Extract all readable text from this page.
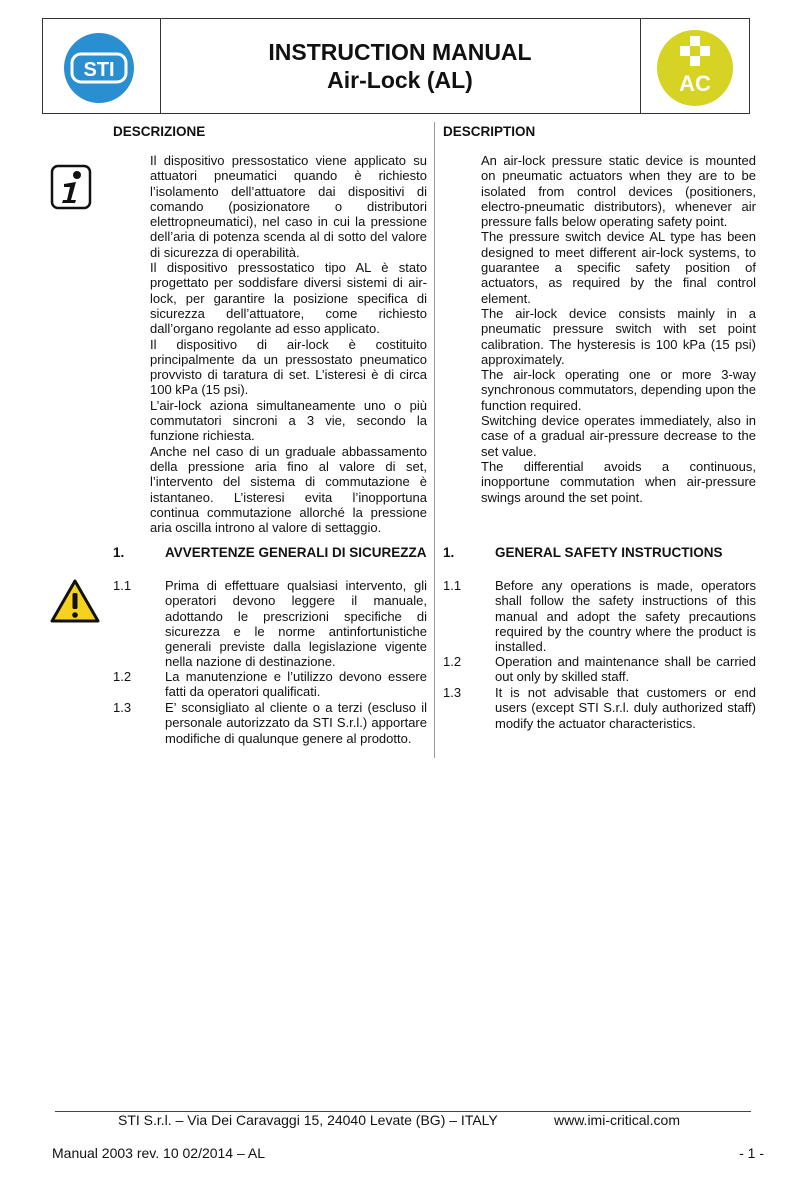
STI
INSTRUCTION MANUAL
Air-Lock (AL)	AC
DESCRIZIONE
Il dispositivo pressostatico viene applicato su attuatori pneumatici quando è richiesto l’isolamento dell’attuatore dai dispositivi di comando (posizionatore o distributori elettropneumatici), nel caso in cui la pressione dell’aria di potenza scenda al di sotto del valore di sicurezza di operabilità.
Il dispositivo pressostatico tipo AL è stato progettato per soddisfare diversi sistemi di air-lock, per garantire la posizione specifica di sicurezza dell’attuatore, come richiesto dall’organo regolante ad esso applicato.
Il dispositivo di air-lock è costituito principalmente da un pressostato pneumatico provvisto di taratura di set. L’isteresi è di circa 100 kPa (15 psi).
L’air-lock aziona simultaneamente uno o più commutatori sincroni a 3 vie, secondo la funzione richiesta.
Anche nel caso di un graduale abbassamento della pressione aria fino al valore di set, l’intervento del sistema di commutazione è istantaneo. L’isteresi evita l’inopportuna continua commutazione allorché la pressione aria oscilla introno al valore di settaggio.
1.	AVVERTENZE GENERALI DI SICUREZZA
1.1	Prima di effettuare qualsiasi intervento, gli operatori devono leggere il manuale, adottando le prescrizioni specifiche di sicurezza e le norme antinfortunistiche generali previste dalla legislazione vigente nella nazione di destinazione.
1.2	La manutenzione e l’utilizzo devono essere fatti da operatori qualificati.
1.3	E’ sconsigliato al cliente o a terzi (escluso il personale autorizzato da STI S.r.l.) apportare modifiche di qualunque genere al prodotto.
DESCRIPTION
An air-lock pressure static device is mounted on pneumatic actuators when they are to be isolated from control devices (positioners, electro-pneumatic distributors), whenever air pressure falls below operating safety point.
The pressure switch device AL type has been designed to meet different air-lock systems, to guarantee a specific safety position of actuators, as required by the final control element.
The air-lock device consists mainly in a pneumatic pressure switch with set point calibration. The hysteresis is 100 kPa (15 psi) approximately.
The air-lock operating one or more 3-way synchronous commutators, depending upon the function required.
Switching device operates immediately, also in case of a gradual air-pressure decrease to the set value.
The differential avoids a continuous, inopportune commutation when air-pressure swings around the set point.
1.	GENERAL SAFETY INSTRUCTIONS
1.1	Before any operations is made, operators shall follow the safety instructions of this manual and adopt the safety precautions required by the country where the product is installed.
1.2	Operation and maintenance shall be carried out only by skilled staff.
1.3	It is not advisable that customers or end users (except STI S.r.l. duly authorized staff) modify the actuator characteristics.
STI S.r.l. – Via Dei Caravaggi 15, 24040 Levate (BG) – ITALY	www.imi-critical.com
Manual 2003 rev. 10 02/2014 – AL	- 1 -
